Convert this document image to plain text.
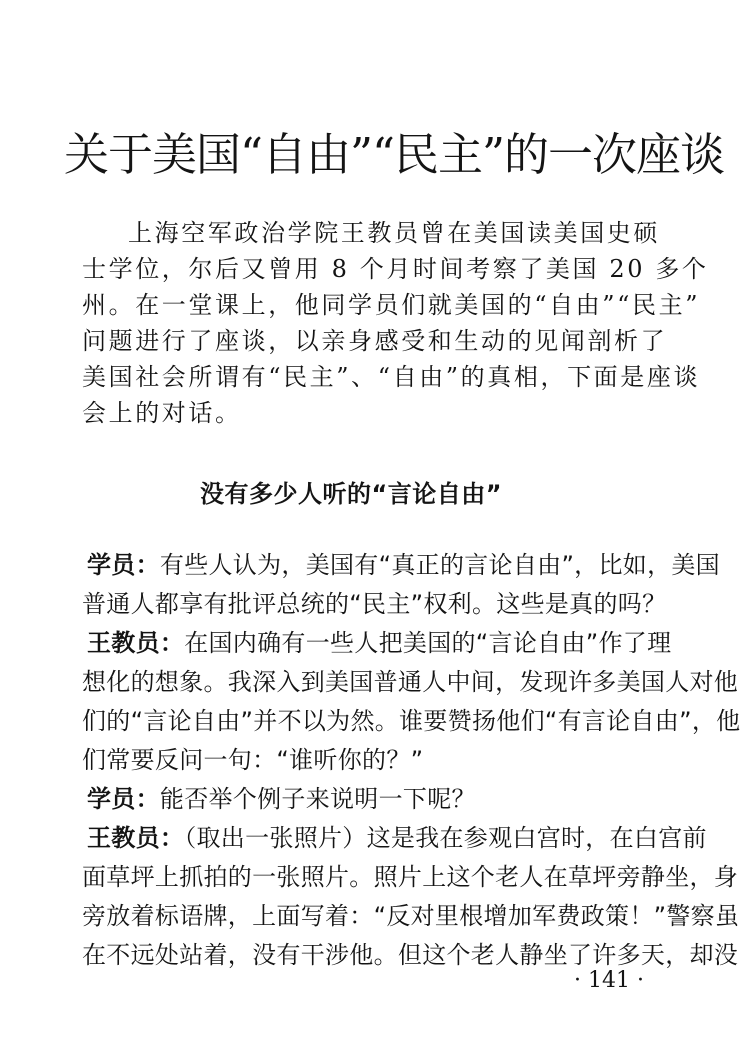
关于美国“自由”“民主”的一次座谈
上海空军政治学院王教员曾在美国读美国史硕
士学位，尔后又曾用 8 个月时间考察了美国 20 多个
州。在一堂课上，他同学员们就美国的“自由”“民主”
问题进行了座谈，以亲身感受和生动的见闻剖析了
美国社会所谓有“民主”、“自由”的真相，下面是座谈
会上的对话。
没有多少人听的“言论自由”
学员：有些人认为，美国有“真正的言论自由”，比如，美国
普通人都享有批评总统的“民主”权利。这些是真的吗？
王教员：在国内确有一些人把美国的“言论自由”作了理
想化的想象。我深入到美国普通人中间，发现许多美国人对他
们的“言论自由”并不以为然。谁要赞扬他们“有言论自由”，他
们常要反问一句：“谁听你的？”
学员：能否举个例子来说明一下呢？
王教员：（取出一张照片）这是我在参观白宫时，在白宫前
面草坪上抓拍的一张照片。照片上这个老人在草坪旁静坐，身
旁放着标语牌，上面写着：“反对里根增加军费政策！”警察虽
在不远处站着，没有干涉他。但这个老人静坐了许多天，却没
· 141 ·
